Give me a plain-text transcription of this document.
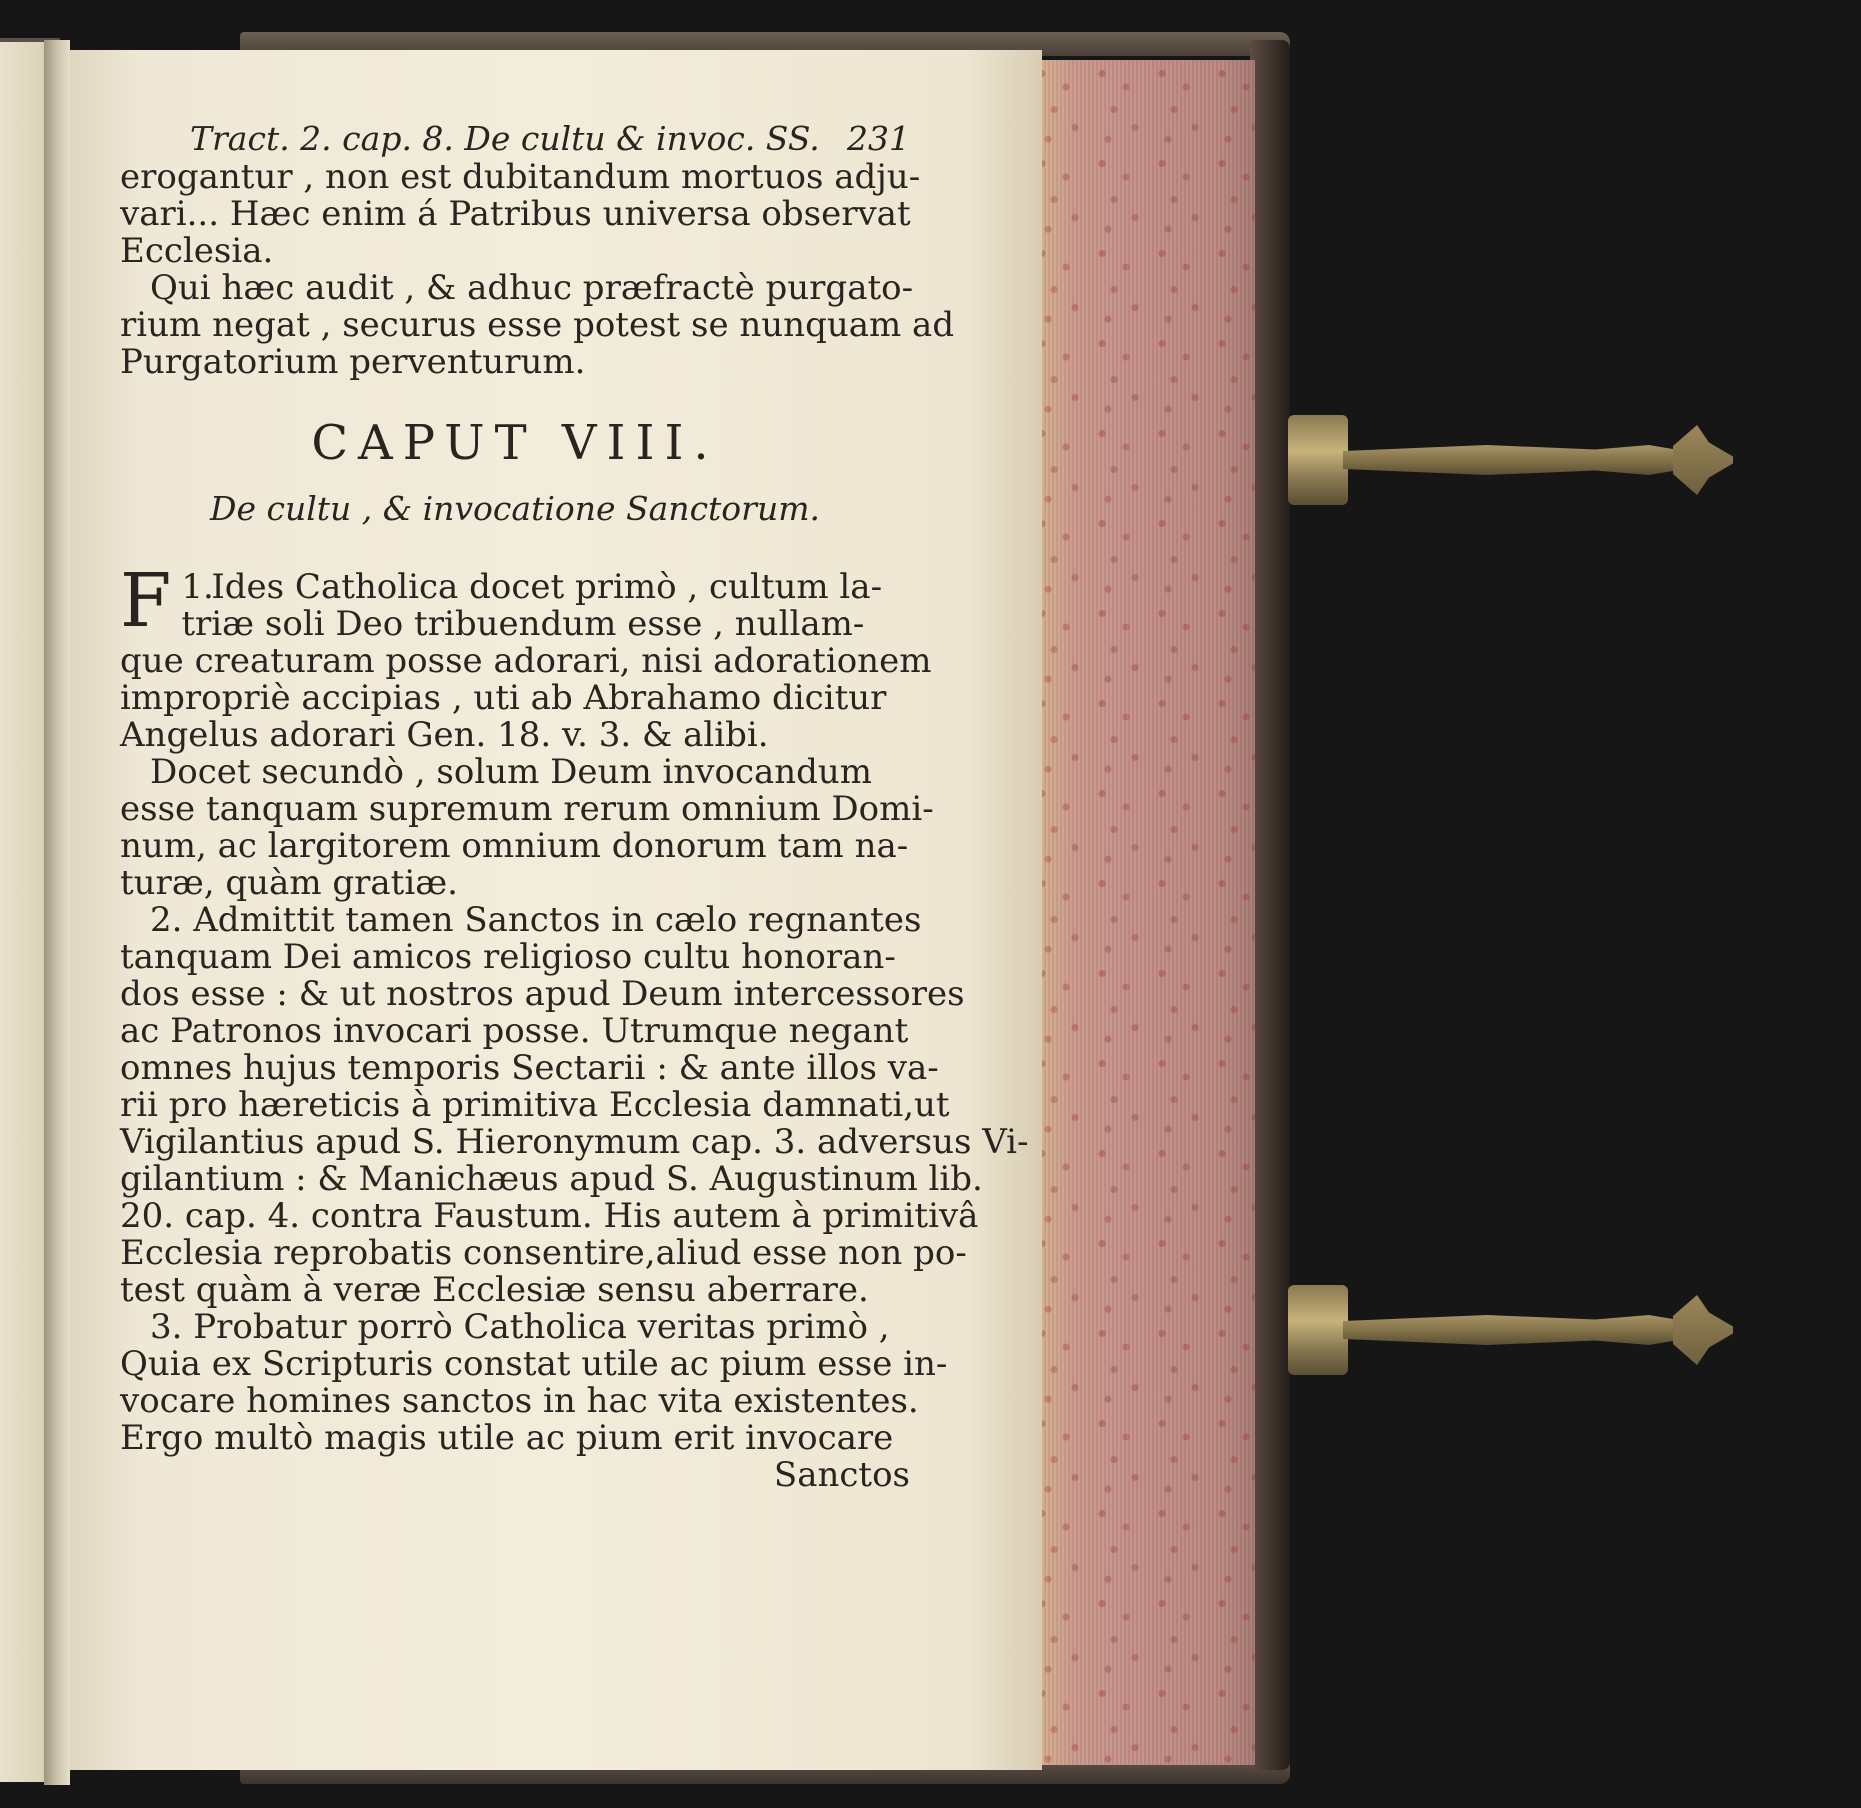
Tract. 2. cap. 8. De cultu & invoc. SS. 231
erogantur , non est dubitandum mortuos adju-
vari... Hæc enim á Patribus universa observat
Ecclesia.
Qui hæc audit , & adhuc præfractè purgato-
rium negat , securus esse potest se nunquam ad
Purgatorium perventurum.
CAPUT VIII.
De cultu , & invocatione Sanctorum.
1.
F Ides Catholica docet primò , cultum la-
triæ soli Deo tribuendum esse , nullam-
que creaturam posse adorari, nisi adorationem
impropriè accipias , uti ab Abrahamo dicitur
Angelus adorari Gen. 18. v. 3. & alibi.
Docet secundò , solum Deum invocandum
esse tanquam supremum rerum omnium Domi-
num, ac largitorem omnium donorum tam na-
turæ, quàm gratiæ.
2. Admittit tamen Sanctos in cælo regnantes
tanquam Dei amicos religioso cultu honoran-
dos esse : & ut nostros apud Deum intercessores
ac Patronos invocari posse. Utrumque negant
omnes hujus temporis Sectarii : & ante illos va-
rii pro hæreticis à primitiva Ecclesia damnati,ut
Vigilantius apud S. Hieronymum cap. 3. adversus Vi-
gilantium : & Manichæus apud S. Augustinum lib.
20. cap. 4. contra Faustum. His autem à primitivâ
Ecclesia reprobatis consentire,aliud esse non po-
test quàm à veræ Ecclesiæ sensu aberrare.
3. Probatur porrò Catholica veritas primò ,
Quia ex Scripturis constat utile ac pium esse in-
vocare homines sanctos in hac vita existentes.
Ergo multò magis utile ac pium erit invocare
Sanctos
